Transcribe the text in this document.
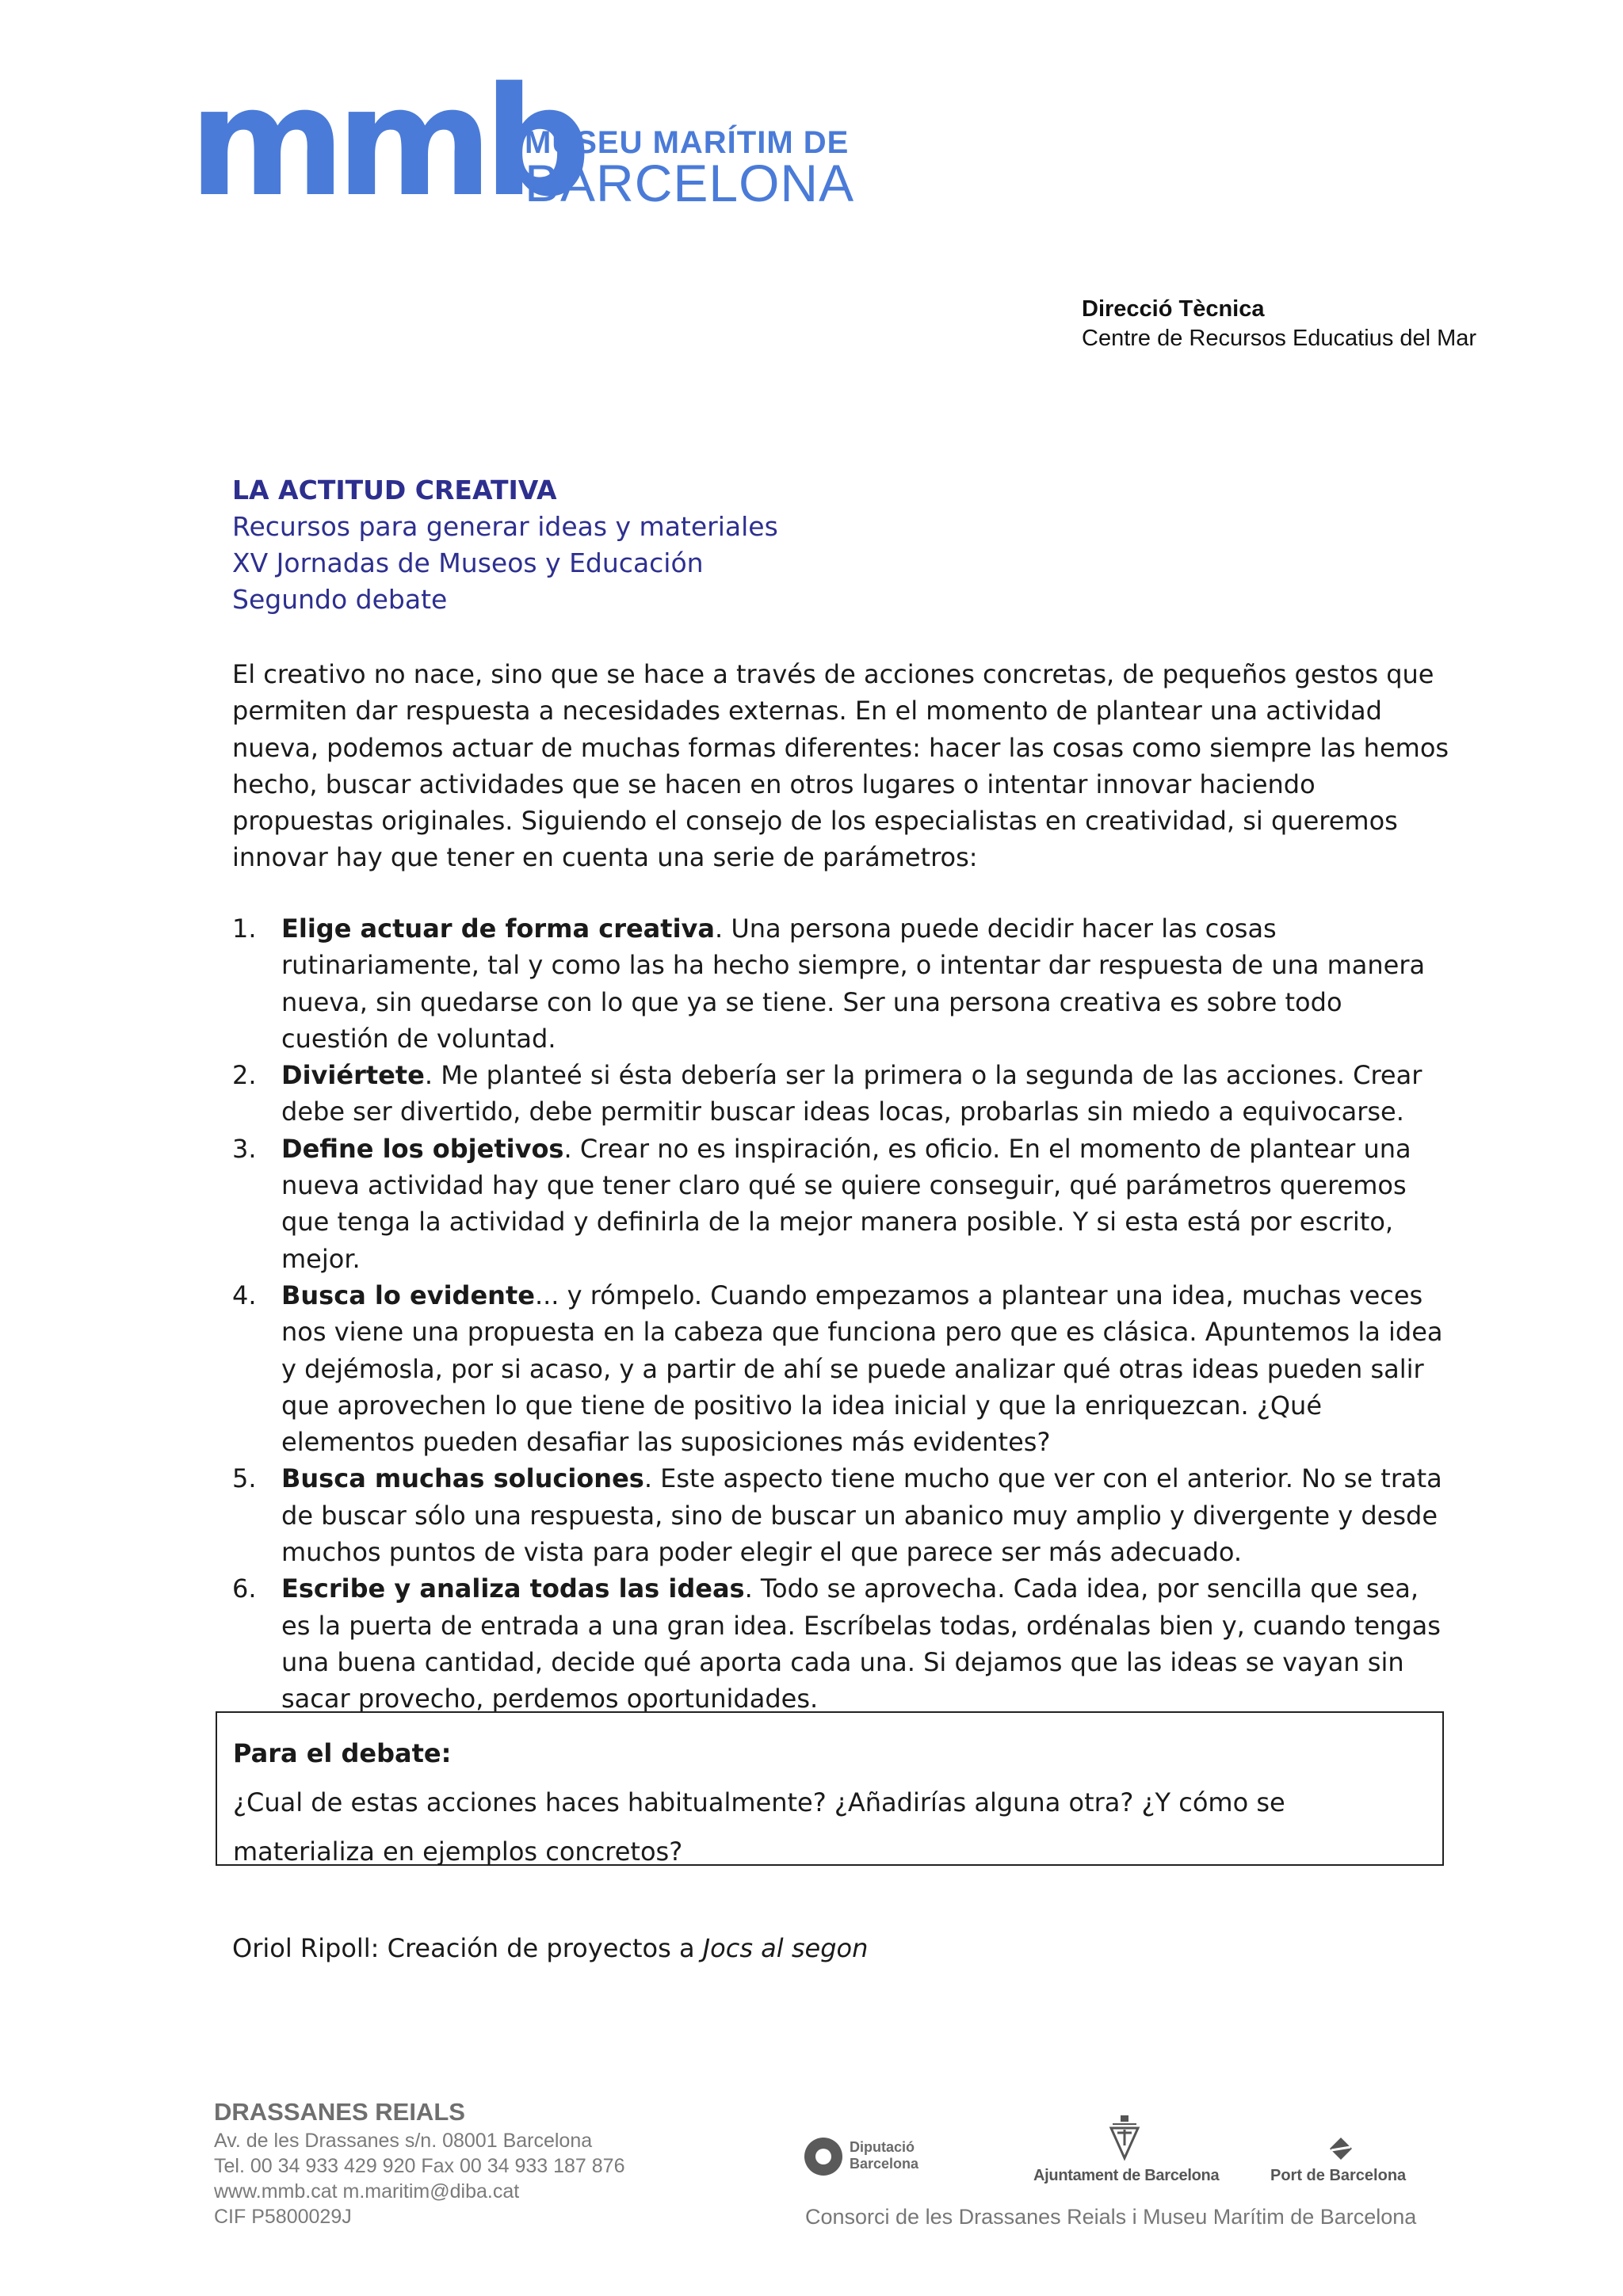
mmb
MUSEU MARÍTIM DE
BARCELONA
Direcció Tècnica
Centre de Recursos Educatius del Mar
LA ACTITUD CREATIVA
Recursos para generar ideas y materiales
XV Jornadas de Museos y Educación
Segundo debate
El creativo no nace, sino que se hace a través de acciones concretas, de pequeños gestos que permiten dar respuesta a necesidades externas. En el momento de plantear una actividad nueva, podemos actuar de muchas formas diferentes: hacer las cosas como siempre las hemos hecho, buscar actividades que se hacen en otros lugares o intentar innovar haciendo propuestas originales. Siguiendo el consejo de los especialistas en creatividad, si queremos innovar hay que tener en cuenta una serie de parámetros:
1. Elige actuar de forma creativa. Una persona puede decidir hacer las cosas rutinariamente, tal y como las ha hecho siempre, o intentar dar respuesta de una manera nueva, sin quedarse con lo que ya se tiene. Ser una persona creativa es sobre todo cuestión de voluntad.
2. Diviértete. Me planteé si ésta debería ser la primera o la segunda de las acciones. Crear debe ser divertido, debe permitir buscar ideas locas, probarlas sin miedo a equivocarse.
3. Define los objetivos. Crear no es inspiración, es oficio. En el momento de plantear una nueva actividad hay que tener claro qué se quiere conseguir, qué parámetros queremos que tenga la actividad y definirla de la mejor manera posible. Y si esta está por escrito, mejor.
4. Busca lo evidente... y rómpelo. Cuando empezamos a plantear una idea, muchas veces nos viene una propuesta en la cabeza que funciona pero que es clásica. Apuntemos la idea y dejémosla, por si acaso, y a partir de ahí se puede analizar qué otras ideas pueden salir que aprovechen lo que tiene de positivo la idea inicial y que la enriquezcan. ¿Qué elementos pueden desafiar las suposiciones más evidentes?
5. Busca muchas soluciones. Este aspecto tiene mucho que ver con el anterior. No se trata de buscar sólo una respuesta, sino de buscar un abanico muy amplio y divergente y desde muchos puntos de vista para poder elegir el que parece ser más adecuado.
6. Escribe y analiza todas las ideas. Todo se aprovecha. Cada idea, por sencilla que sea, es la puerta de entrada a una gran idea. Escríbelas todas, ordénalas bien y, cuando tengas una buena cantidad, decide qué aporta cada una. Si dejamos que las ideas se vayan sin sacar provecho, perdemos oportunidades.
Para el debate:
¿Cual de estas acciones haces habitualmente? ¿Añadirías alguna otra? ¿Y cómo se materializa en ejemplos concretos?
Oriol Ripoll: Creación de proyectos a Jocs al segon
DRASSANES REIALS
Av. de les Drassanes s/n. 08001 Barcelona
Tel. 00 34 933 429 920 Fax 00 34 933 187 876
www.mmb.cat m.maritim@diba.cat
CIF P5800029J
Diputació
Barcelona
Ajuntament de Barcelona	Port de Barcelona
Consorci de les Drassanes Reials i Museu Marítim de Barcelona
